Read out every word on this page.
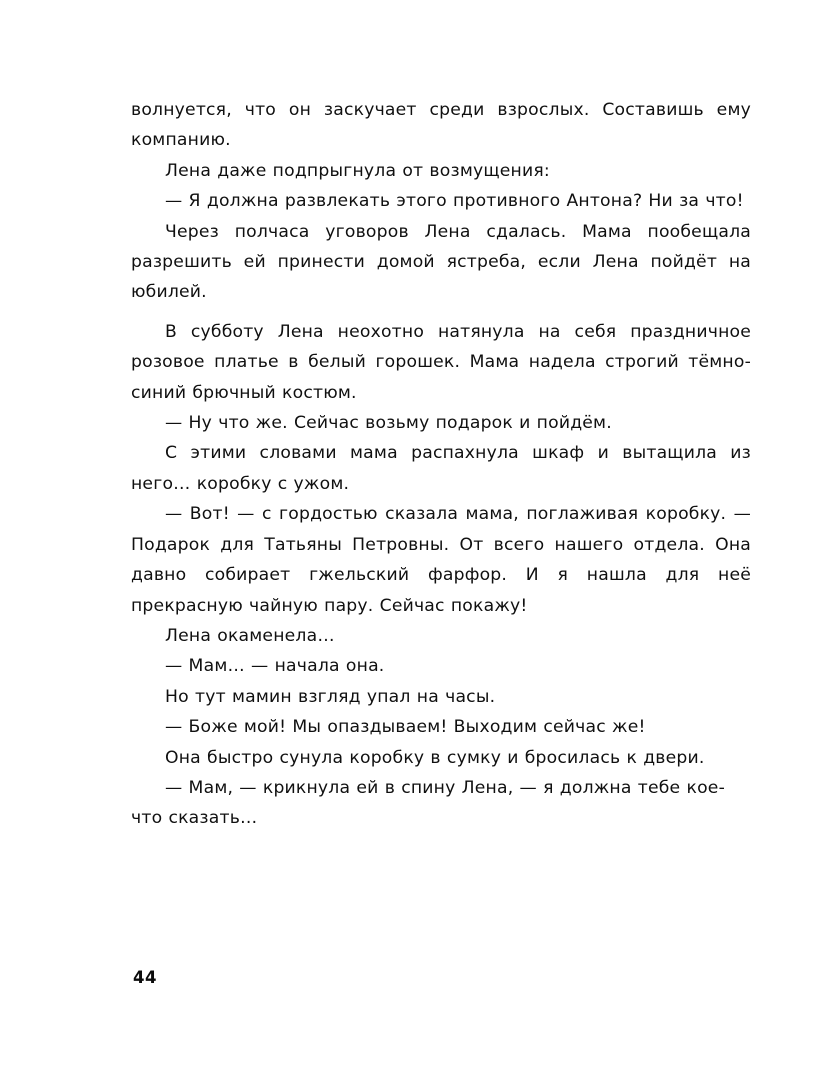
волнуется, что он заскучает среди взрослых. Составишь ему компанию.

Лена даже подпрыгнула от возмущения:

— Я должна развлекать этого противного Антона? Ни за что!

Через полчаса уговоров Лена сдалась. Мама пообещала разрешить ей принести домой ястреба, если Лена пойдёт на юбилей.

В субботу Лена неохотно натянула на себя праздничное розовое платье в белый горошек. Мама надела строгий тёмно-синий брючный костюм.

— Ну что же. Сейчас возьму подарок и пойдём.

С этими словами мама распахнула шкаф и вытащила из него… коробку с ужом.

— Вот! — с гордостью сказала мама, поглаживая коробку. — Подарок для Татьяны Петровны. От всего нашего отдела. Она давно собирает гжельский фарфор. И я нашла для неё прекрасную чайную пару. Сейчас покажу!

Лена окаменела…

— Мам… — начала она.

Но тут мамин взгляд упал на часы.

— Боже мой! Мы опаздываем! Выходим сейчас же!

Она быстро сунула коробку в сумку и бросилась к двери.

— Мам, — крикнула ей в спину Лена, — я должна тебе кое-что сказать…

44
